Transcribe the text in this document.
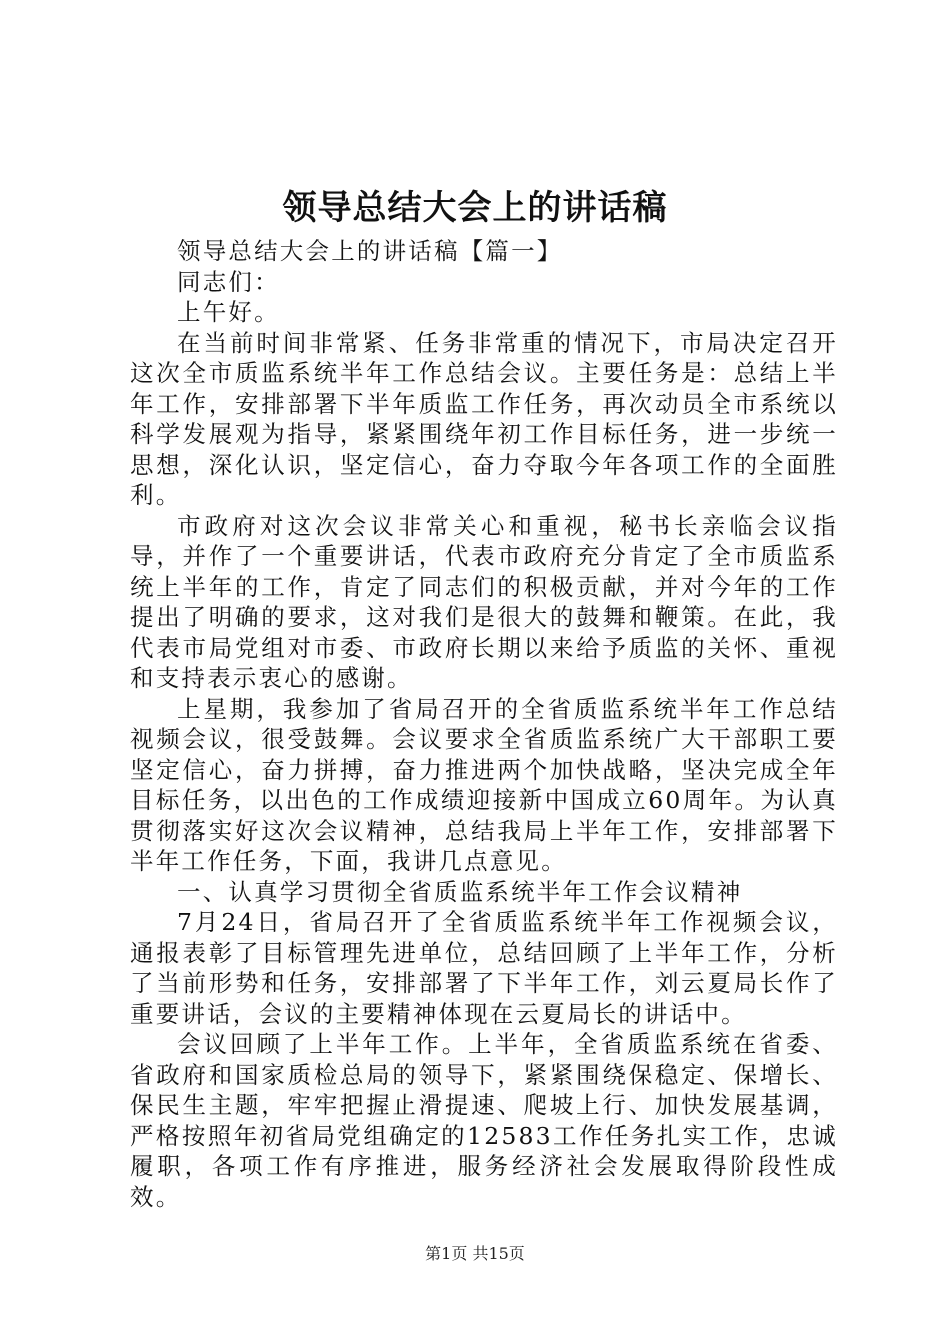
领导总结大会上的讲话稿

领导总结大会上的讲话稿【篇一】

同志们：

上午好。

在当前时间非常紧、任务非常重的情况下，市局决定召开这次全市质监系统半年工作总结会议。主要任务是：总结上半年工作，安排部署下半年质监工作任务，再次动员全市系统以科学发展观为指导，紧紧围绕年初工作目标任务，进一步统一思想，深化认识，坚定信心，奋力夺取今年各项工作的全面胜利。

市政府对这次会议非常关心和重视，秘书长亲临会议指导，并作了一个重要讲话，代表市政府充分肯定了全市质监系统上半年的工作，肯定了同志们的积极贡献，并对今年的工作提出了明确的要求，这对我们是很大的鼓舞和鞭策。在此，我代表市局党组对市委、市政府长期以来给予质监的关怀、重视和支持表示衷心的感谢。

上星期，我参加了省局召开的全省质监系统半年工作总结视频会议，很受鼓舞。会议要求全省质监系统广大干部职工要坚定信心，奋力拼搏，奋力推进两个加快战略，坚决完成全年目标任务，以出色的工作成绩迎接新中国成立60周年。为认真贯彻落实好这次会议精神，总结我局上半年工作，安排部署下半年工作任务，下面，我讲几点意见。

一、认真学习贯彻全省质监系统半年工作会议精神

7月24日，省局召开了全省质监系统半年工作视频会议，通报表彰了目标管理先进单位，总结回顾了上半年工作，分析了当前形势和任务，安排部署了下半年工作，刘云夏局长作了重要讲话，会议的主要精神体现在云夏局长的讲话中。

会议回顾了上半年工作。上半年，全省质监系统在省委、省政府和国家质检总局的领导下，紧紧围绕保稳定、保增长、保民生主题，牢牢把握止滑提速、爬坡上行、加快发展基调，严格按照年初省局党组确定的12583工作任务扎实工作，忠诚履职，各项工作有序推进，服务经济社会发展取得阶段性成效。

第1页 共15页
